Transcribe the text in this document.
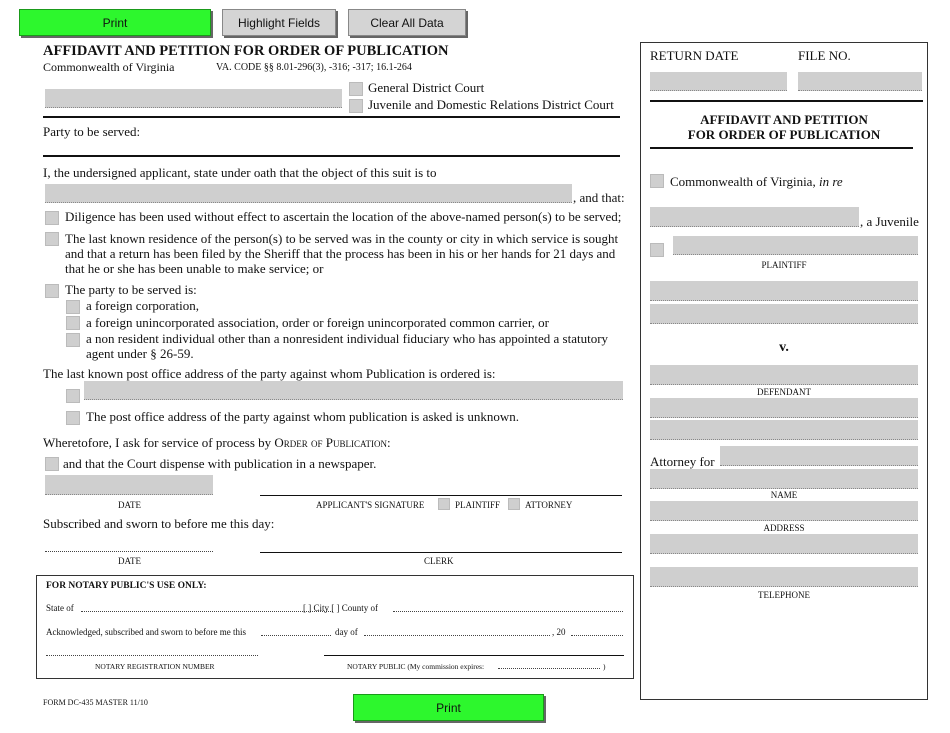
Print	Highlight Fields	Clear All Data
AFFIDAVIT AND PETITION FOR ORDER OF PUBLICATION
Commonwealth of Virginia	VA. CODE §§ 8.01-296(3), -316; -317; 16.1-264
General District Court
Juvenile and Domestic Relations District Court
Party to be served:
I, the undersigned applicant, state under oath that the object of this suit is to
, and that:
Diligence has been used without effect to ascertain the location of the above-named person(s) to be served;
The last known residence of the person(s) to be served was in the county or city in which service is sought
and that a return has been filed by the Sheriff that the process has been in his or her hands for 21 days and
that he or she has been unable to make service; or
The party to be served is:
a foreign corporation,
a foreign unincorporated association, order or foreign unincorporated common carrier, or
a non resident individual other than a nonresident individual fiduciary who has appointed a statutory
agent under § 26-59.
The last known post office address of the party against whom Publication is ordered is:
The post office address of the party against whom publication is asked is unknown.
Wheretofore, I ask for service of process by Order of Publication:
and that the Court dispense with publication in a newspaper.
DATE	APPLICANT'S SIGNATURE	PLAINTIFF	ATTORNEY
Subscribed and sworn to before me this day:
DATE	CLERK
FOR NOTARY PUBLIC'S USE ONLY:
State of	[ ] City [ ] County of
Acknowledged, subscribed and sworn to before me this	day of	, 20
NOTARY REGISTRATION NUMBER	NOTARY PUBLIC (My commission expires:	)
FORM DC-435 MASTER 11/10	Print
RETURN DATE	FILE NO.
AFFIDAVIT AND PETITION
FOR ORDER OF PUBLICATION
Commonwealth of Virginia, in re
, a Juvenile
PLAINTIFF
v.
DEFENDANT
Attorney for
NAME
ADDRESS
TELEPHONE
